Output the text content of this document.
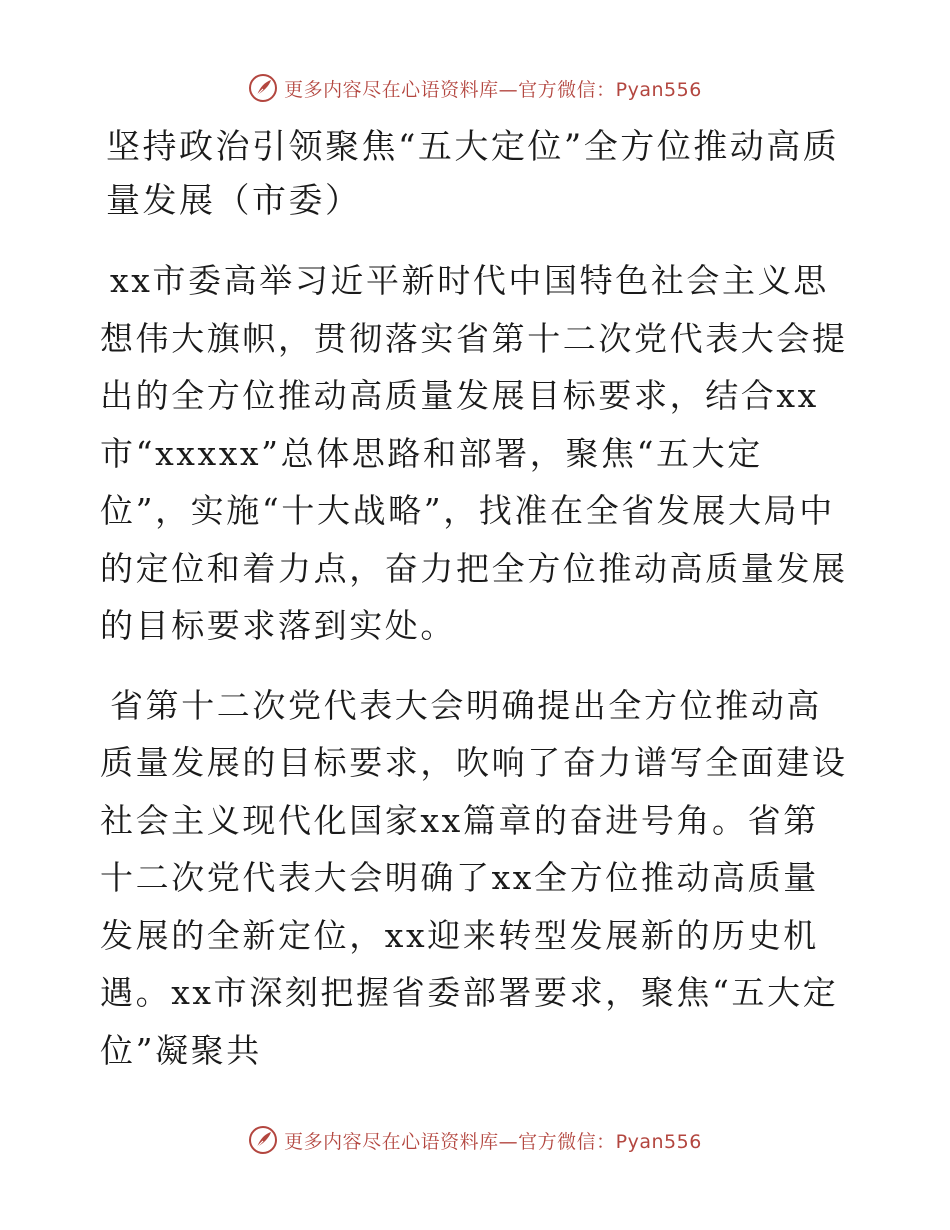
更多内容尽在心语资料库—官方微信：Pyan556
坚持政治引领聚焦“五大定位”全方位推动高质量发展（市委）

xx市委高举习近平新时代中国特色社会主义思想伟大旗帜，贯彻落实省第十二次党代表大会提出的全方位推动高质量发展目标要求，结合xx市“xxxxx”总体思路和部署，聚焦“五大定位”，实施“十大战略”，找准在全省发展大局中的定位和着力点，奋力把全方位推动高质量发展的目标要求落到实处。

省第十二次党代表大会明确提出全方位推动高质量发展的目标要求，吹响了奋力谱写全面建设社会主义现代化国家xx篇章的奋进号角。省第十二次党代表大会明确了xx全方位推动高质量发展的全新定位，xx迎来转型发展新的历史机遇。xx市深刻把握省委部署要求，聚焦“五大定位”凝聚共

更多内容尽在心语资料库—官方微信：Pyan556
